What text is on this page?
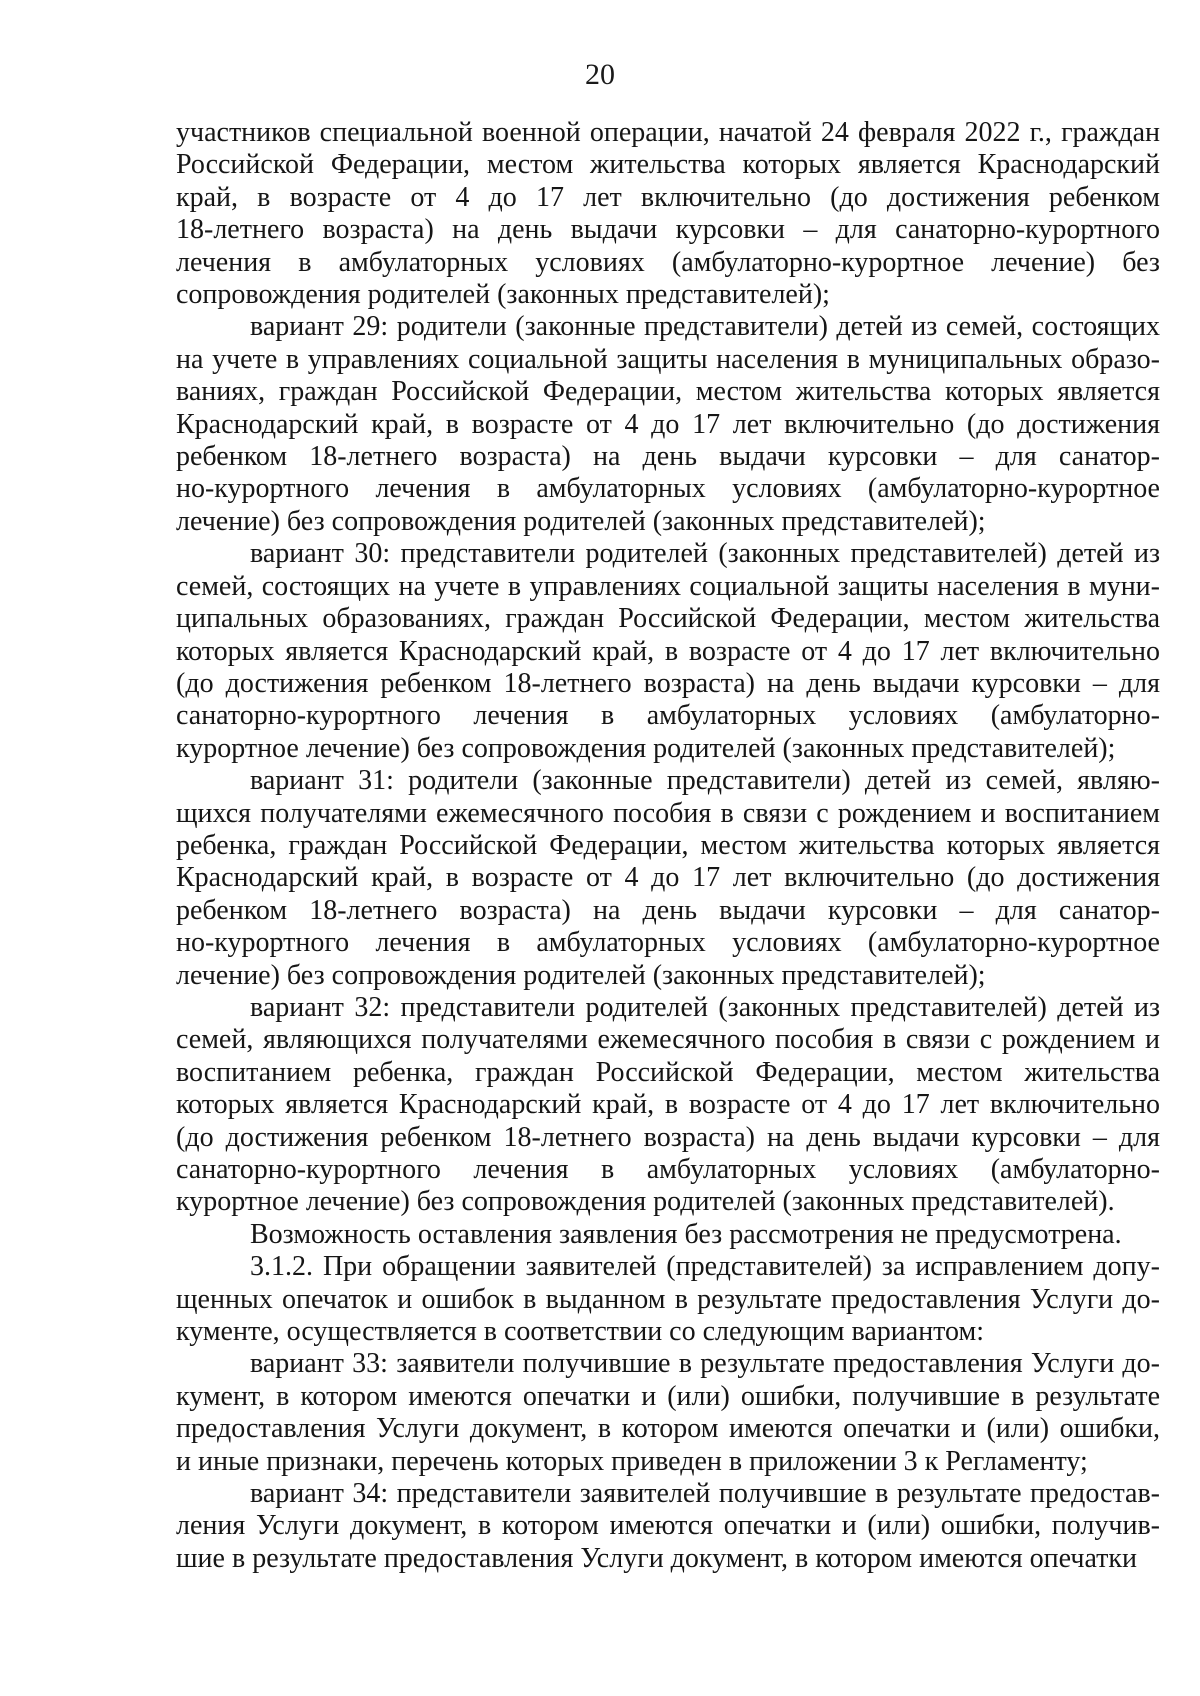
20

участников специальной военной операции, начатой 24 февраля 2022 г., граждан
Российской Федерации, местом жительства которых является Краснодарский
край, в возрасте от 4 до 17 лет включительно (до достижения ребенком
18-летнего возраста) на день выдачи курсовки – для санаторно-курортного
лечения в амбулаторных условиях (амбулаторно-курортное лечение) без
сопровождения родителей (законных представителей);

вариант 29: родители (законные представители) детей из семей, состоящих
на учете в управлениях социальной защиты населения в муниципальных образо-
ваниях, граждан Российской Федерации, местом жительства которых является
Краснодарский край, в возрасте от 4 до 17 лет включительно (до достижения
ребенком 18-летнего возраста) на день выдачи курсовки – для санатор-
но-курортного лечения в амбулаторных условиях (амбулаторно-курортное
лечение) без сопровождения родителей (законных представителей);

вариант 30: представители родителей (законных представителей) детей из
семей, состоящих на учете в управлениях социальной защиты населения в муни-
ципальных образованиях, граждан Российской Федерации, местом жительства
которых является Краснодарский край, в возрасте от 4 до 17 лет включительно
(до достижения ребенком 18-летнего возраста) на день выдачи курсовки – для
санаторно-курортного лечения в амбулаторных условиях (амбулаторно-
курортное лечение) без сопровождения родителей (законных представителей);

вариант 31: родители (законные представители) детей из семей, являю-
щихся получателями ежемесячного пособия в связи с рождением и воспитанием
ребенка, граждан Российской Федерации, местом жительства которых является
Краснодарский край, в возрасте от 4 до 17 лет включительно (до достижения
ребенком 18-летнего возраста) на день выдачи курсовки – для санатор-
но-курортного лечения в амбулаторных условиях (амбулаторно-курортное
лечение) без сопровождения родителей (законных представителей);

вариант 32: представители родителей (законных представителей) детей из
семей, являющихся получателями ежемесячного пособия в связи с рождением и
воспитанием ребенка, граждан Российской Федерации, местом жительства
которых является Краснодарский край, в возрасте от 4 до 17 лет включительно
(до достижения ребенком 18-летнего возраста) на день выдачи курсовки – для
санаторно-курортного лечения в амбулаторных условиях (амбулаторно-
курортное лечение) без сопровождения родителей (законных представителей).

Возможность оставления заявления без рассмотрения не предусмотрена.

3.1.2. При обращении заявителей (представителей) за исправлением допу-
щенных опечаток и ошибок в выданном в результате предоставления Услуги до-
кументе, осуществляется в соответствии со следующим вариантом:

вариант 33: заявители получившие в результате предоставления Услуги до-
кумент, в котором имеются опечатки и (или) ошибки, получившие в результате
предоставления Услуги документ, в котором имеются опечатки и (или) ошибки,
и иные признаки, перечень которых приведен в приложении 3 к Регламенту;

вариант 34: представители заявителей получившие в результате предостав-
ления Услуги документ, в котором имеются опечатки и (или) ошибки, получив-
шие в результате предоставления Услуги документ, в котором имеются опечатки
